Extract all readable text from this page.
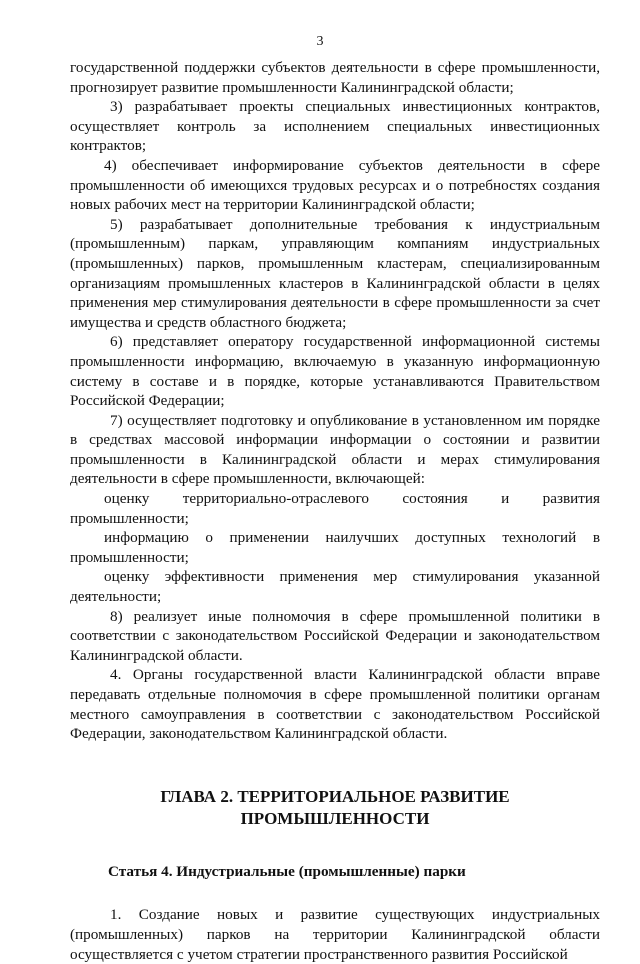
3

государственной поддержки субъектов деятельности в сфере промышленности, прогнозирует развитие промышленности Калининградской области;

3) разрабатывает проекты специальных инвестиционных контрактов, осуществляет контроль за исполнением специальных инвестиционных контрактов;

4) обеспечивает информирование субъектов деятельности в сфере промышленности об имеющихся трудовых ресурсах и о потребностях создания новых рабочих мест на территории Калининградской области;

5) разрабатывает дополнительные требования к индустриальным (промышленным) паркам, управляющим компаниям индустриальных (промышленных) парков, промышленным кластерам, специализированным организациям промышленных кластеров в Калининградской области в целях применения мер стимулирования деятельности в сфере промышленности за счет имущества и средств областного бюджета;

6) представляет оператору государственной информационной системы промышленности информацию, включаемую в указанную информационную систему в составе и в порядке, которые устанавливаются Правительством Российской Федерации;

7) осуществляет подготовку и опубликование в установленном им порядке в средствах массовой информации информации о состоянии и развитии промышленности в Калининградской области и мерах стимулирования деятельности в сфере промышленности, включающей:

оценку территориально-отраслевого состояния и развития промышленности;

информацию о применении наилучших доступных технологий в промышленности;

оценку эффективности применения мер стимулирования указанной деятельности;

8) реализует иные полномочия в сфере промышленной политики в соответствии с законодательством Российской Федерации и законодательством Калининградской области.

4. Органы государственной власти Калининградской области вправе передавать отдельные полномочия в сфере промышленной политики органам местного самоуправления в соответствии с законодательством Российской Федерации, законодательством Калининградской области.

ГЛАВА 2. ТЕРРИТОРИАЛЬНОЕ РАЗВИТИЕ
ПРОМЫШЛЕННОСТИ
Статья 4. Индустриальные (промышленные) парки

1. Создание новых и развитие существующих индустриальных (промышленных) парков на территории Калининградской области осуществляется с учетом стратегии пространственного развития Российской
